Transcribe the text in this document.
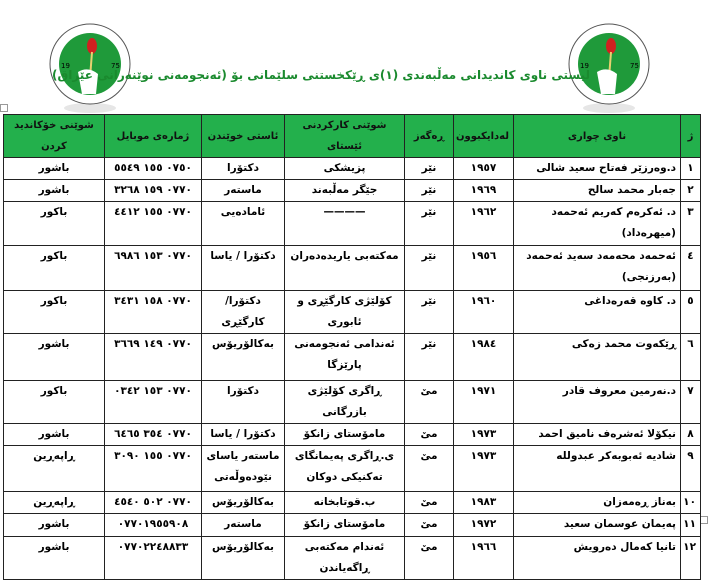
19	75	19	75
لیستی ناوی کاندیدانی مەڵبەندی (١)ی ڕێکخستنی سلێمانی بۆ (ئەنجومەنی نوێنەرانی عێراق)
ژ	ناوی چواری	لەدایکبوون	ڕەگەز	شوێنی کارکردنی ئێستای	ئاستی خوێندن	ژمارەی موبایل	شوێنی خۆکاندید کردن
١	د.وەرزێر فەتاح سعید شالی	١٩٥٧	نێر	پزیشکی	دکتۆرا	٠٧٥٠ ١٥٥ ٥٥٤٩	باشور
٢	جەبار محمد سالح	١٩٦٩	نێر	جێگر مەڵبەند	ماستەر	٠٧٧٠ ١٥٩ ٣٢٦٨	باشور
٣	د. ئەکرەم کەریم ئەحمەد (میهرەداد)	١٩٦٢	نێر	————	ئامادەیی	٠٧٧٠ ١٥٥ ٤٤١٢	باکور
٤	ئەحمەد محەمەد سەید ئەحمەد (بەرزنجی)	١٩٥٦	نێر	مەکتەبی یاریدەدەران	دکتۆرا / یاسا	٠٧٧٠ ١٥٣ ٦٩٨٦	باکور
٥	د. کاوە قەرەداغی	١٩٦٠	نێر	کۆلێژی کارگێڕی و ئابوری	دکتۆرا/ کارگێڕی	٠٧٧٠ ١٥٨ ٣٤٣١	باکور
٦	ڕێکەوت محمد زەکی	١٩٨٤	نێر	ئەندامی ئەنجومەنی پارێزگا	بەکالۆریۆس	٠٧٧٠ ١٤٩ ٣٦٦٩	باشور
٧	د.نەرمین معروف قادر	١٩٧١	مێ	ڕاگری کۆلێژی بازرگانی	دکتۆرا	٠٧٧٠ ١٥٣ ٠٣٤٢	باکور
٨	نیکۆلا ئەشرەف نامیق احمد	١٩٧٣	مێ	مامۆستای زانکۆ	دکتۆرا / یاسا	٠٧٧٠ ٣٥٤ ٦٤٦٥	باشور
٩	شادیە ئەبوبەکر عبدوللە	١٩٧٣	مێ	ی.ڕاگری پەیمانگای تەکنیکی دوکان	ماستەر یاسای نێودەوڵەتی	٠٧٧٠ ١٥٥ ٣٠٩٠	ڕاپەڕین
١٠	بەناز ڕەمەزان	١٩٨٣	مێ	ب.قوتابخانە	بەکالۆریۆس	٠٧٧٠ ٥٠٢ ٤٥٤٠	ڕاپەڕین
١١	پەیمان عوسمان سعید	١٩٧٢	مێ	مامۆستای زانکۆ	ماستەر	٠٧٧٠١٩٥٥٩٠٨	باشور
١٢	تانیا کەمال دەرویش	١٩٦٦	مێ	ئەندام مەکتەبی ڕاگەیاندن	بەکالۆریۆس	٠٧٧٠٢٢٤٨٨٣٣	باشور
